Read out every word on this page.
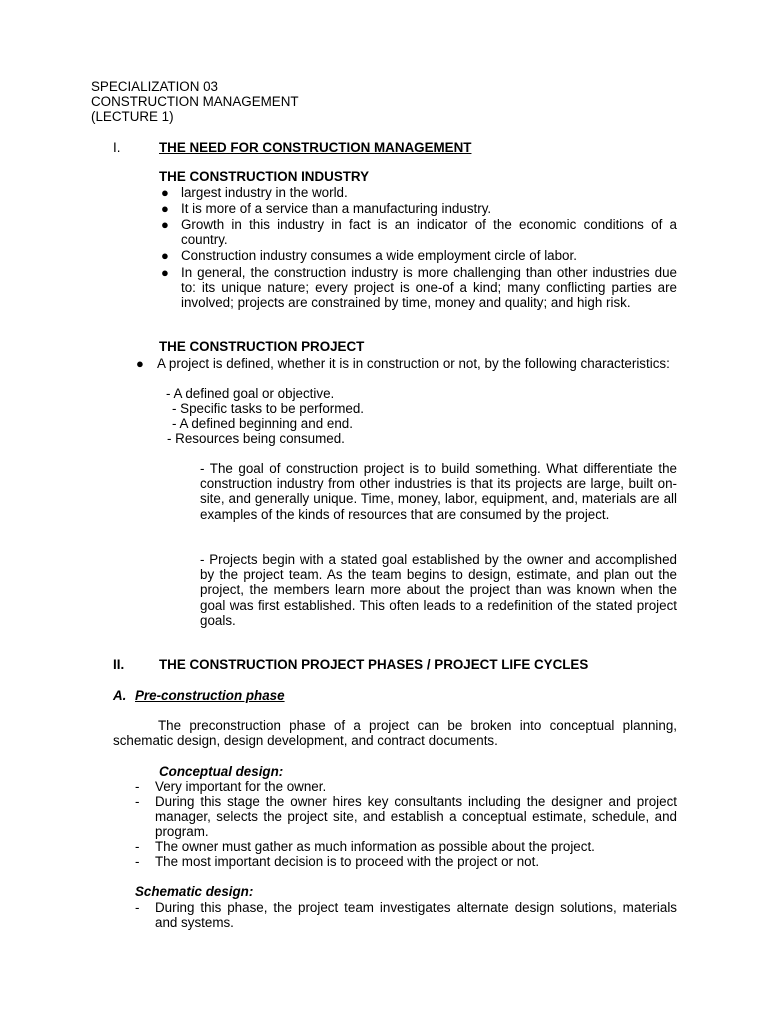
SPECIALIZATION 03
CONSTRUCTION MANAGEMENT
(LECTURE 1)
I.	THE NEED FOR CONSTRUCTION MANAGEMENT
THE CONSTRUCTION INDUSTRY
● largest industry in the world.
● It is more of a service than a manufacturing industry.
● Growth in this industry in fact is an indicator of the economic conditions of a country.
● Construction industry consumes a wide employment circle of labor.
● In general, the construction industry is more challenging than other industries due to: its unique nature; every project is one-of a kind; many conflicting parties are involved; projects are constrained by time, money and quality; and high risk.
THE CONSTRUCTION PROJECT
● A project is defined, whether it is in construction or not, by the following characteristics:
- A defined goal or objective.
- Specific tasks to be performed.
- A defined beginning and end.
- Resources being consumed.
- The goal of construction project is to build something. What differentiate the construction industry from other industries is that its projects are large, built on-site, and generally unique. Time, money, labor, equipment, and, materials are all examples of the kinds of resources that are consumed by the project.
- Projects begin with a stated goal established by the owner and accomplished by the project team. As the team begins to design, estimate, and plan out the project, the members learn more about the project than was known when the goal was first established. This often leads to a redefinition of the stated project goals.
II.	THE CONSTRUCTION PROJECT PHASES / PROJECT LIFE CYCLES
A. Pre-construction phase
The preconstruction phase of a project can be broken into conceptual planning, schematic design, design development, and contract documents.
Conceptual design:
- Very important for the owner.
- During this stage the owner hires key consultants including the designer and project manager, selects the project site, and establish a conceptual estimate, schedule, and program.
- The owner must gather as much information as possible about the project.
- The most important decision is to proceed with the project or not.
Schematic design:
- During this phase, the project team investigates alternate design solutions, materials and systems.
